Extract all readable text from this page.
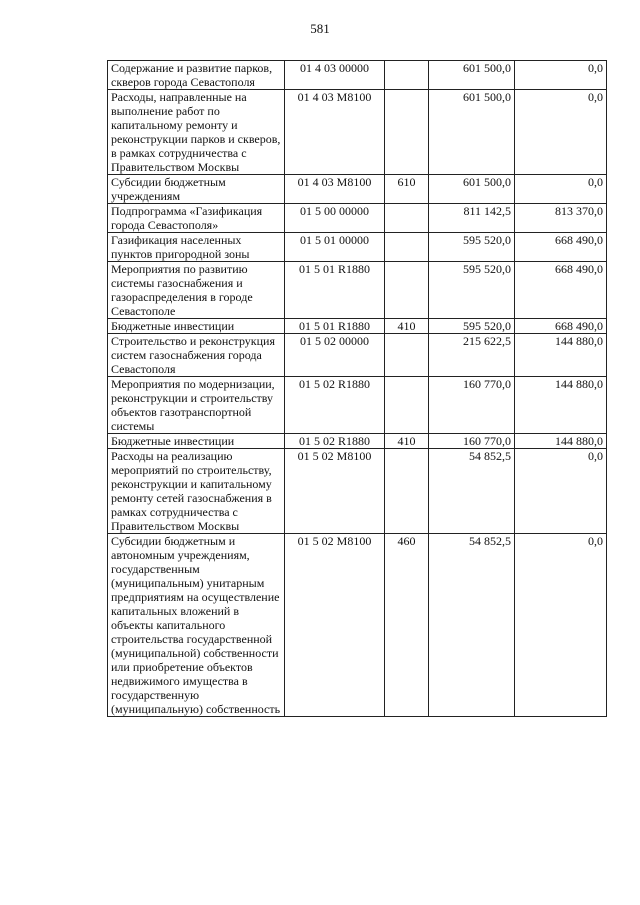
581
Содержание и развитие парков, скверов города Севастополя	01 4 03 00000		601 500,0	0,0
Расходы, направленные на выполнение работ по капитальному ремонту и реконструкции парков и скверов, в рамках сотрудничества с Правительством Москвы	01 4 03 M8100		601 500,0	0,0
Субсидии бюджетным учреждениям	01 4 03 M8100	610	601 500,0	0,0
Подпрограмма «Газификация города Севастополя»	01 5 00 00000		811 142,5	813 370,0
Газификация населенных пунктов пригородной зоны	01 5 01 00000		595 520,0	668 490,0
Мероприятия по развитию системы газоснабжения и газораспределения в городе Севастополе	01 5 01 R1880		595 520,0	668 490,0
Бюджетные инвестиции	01 5 01 R1880	410	595 520,0	668 490,0
Строительство и реконструкция систем газоснабжения города Севастополя	01 5 02 00000		215 622,5	144 880,0
Мероприятия по модернизации, реконструкции и строительству объектов газотранспортной системы	01 5 02 R1880		160 770,0	144 880,0
Бюджетные инвестиции	01 5 02 R1880	410	160 770,0	144 880,0
Расходы на реализацию мероприятий по строительству, реконструкции и капитальному ремонту сетей газоснабжения в рамках сотрудничества с Правительством Москвы	01 5 02 M8100		54 852,5	0,0
Субсидии бюджетным и автономным учреждениям, государственным (муниципальным) унитарным предприятиям на осуществление капитальных вложений в объекты капитального строительства государственной (муниципальной) собственности или приобретение объектов недвижимого имущества в государственную (муниципальную) собственность	01 5 02 M8100	460	54 852,5	0,0
